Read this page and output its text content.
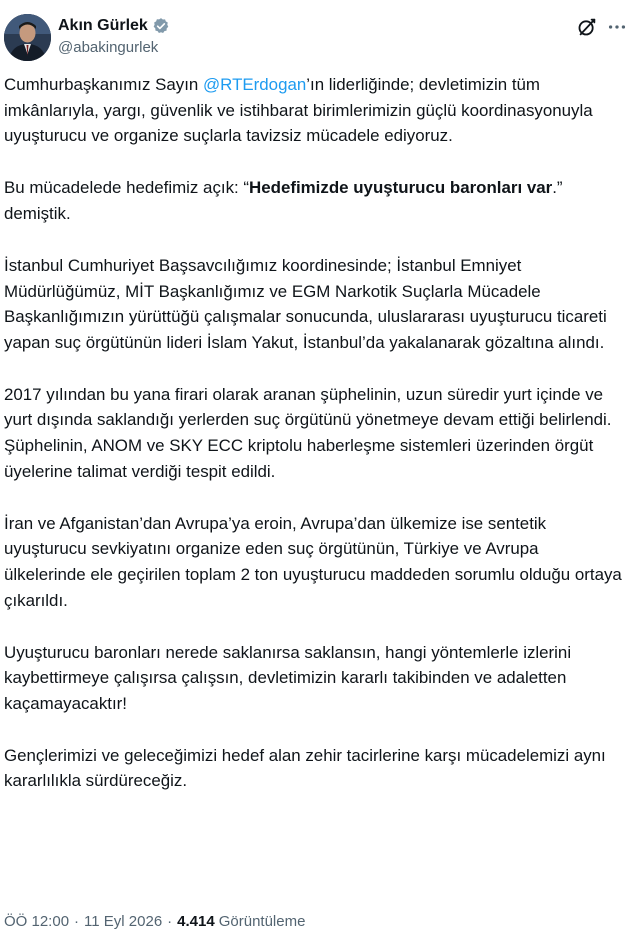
Akın Gürlek
@abakingurlek

Cumhurbaşkanımız Sayın @RTErdogan’ın liderliğinde; devletimizin tüm imkânlarıyla, yargı, güvenlik ve istihbarat birimlerimizin güçlü koordinasyonuyla uyuşturucu ve organize suçlarla tavizsiz mücadele ediyoruz.

Bu mücadelede hedefimiz açık: “Hedefimizde uyuşturucu baronları var.” demiştik.

İstanbul Cumhuriyet Başsavcılığımız koordinesinde; İstanbul Emniyet Müdürlüğümüz, MİT Başkanlığımız ve EGM Narkotik Suçlarla Mücadele Başkanlığımızın yürüttüğü çalışmalar sonucunda, uluslararası uyuşturucu ticareti yapan suç örgütünün lideri İslam Yakut, İstanbul’da yakalanarak gözaltına alındı.

2017 yılından bu yana firari olarak aranan şüphelinin, uzun süredir yurt içinde ve yurt dışında saklandığı yerlerden suç örgütünü yönetmeye devam ettiği belirlendi. Şüphelinin, ANOM ve SKY ECC kriptolu haberleşme sistemleri üzerinden örgüt üyelerine talimat verdiği tespit edildi.

İran ve Afganistan’dan Avrupa’ya eroin, Avrupa’dan ülkemize ise sentetik uyuşturucu sevkiyatını organize eden suç örgütünün, Türkiye ve Avrupa ülkelerinde ele geçirilen toplam 2 ton uyuşturucu maddeden sorumlu olduğu ortaya çıkarıldı.

Uyuşturucu baronları nerede saklanırsa saklansın, hangi yöntemlerle izlerini kaybettirmeye çalışırsa çalışsın, devletimizin kararlı takibinden ve adaletten kaçamayacaktır!

Gençlerimizi ve geleceğimizi hedef alan zehir tacirlerine karşı mücadelemizi aynı kararlılıkla sürdüreceğiz.

ÖÖ 12:00 · 11 Eyl 2026 · 4.414 Görüntüleme
